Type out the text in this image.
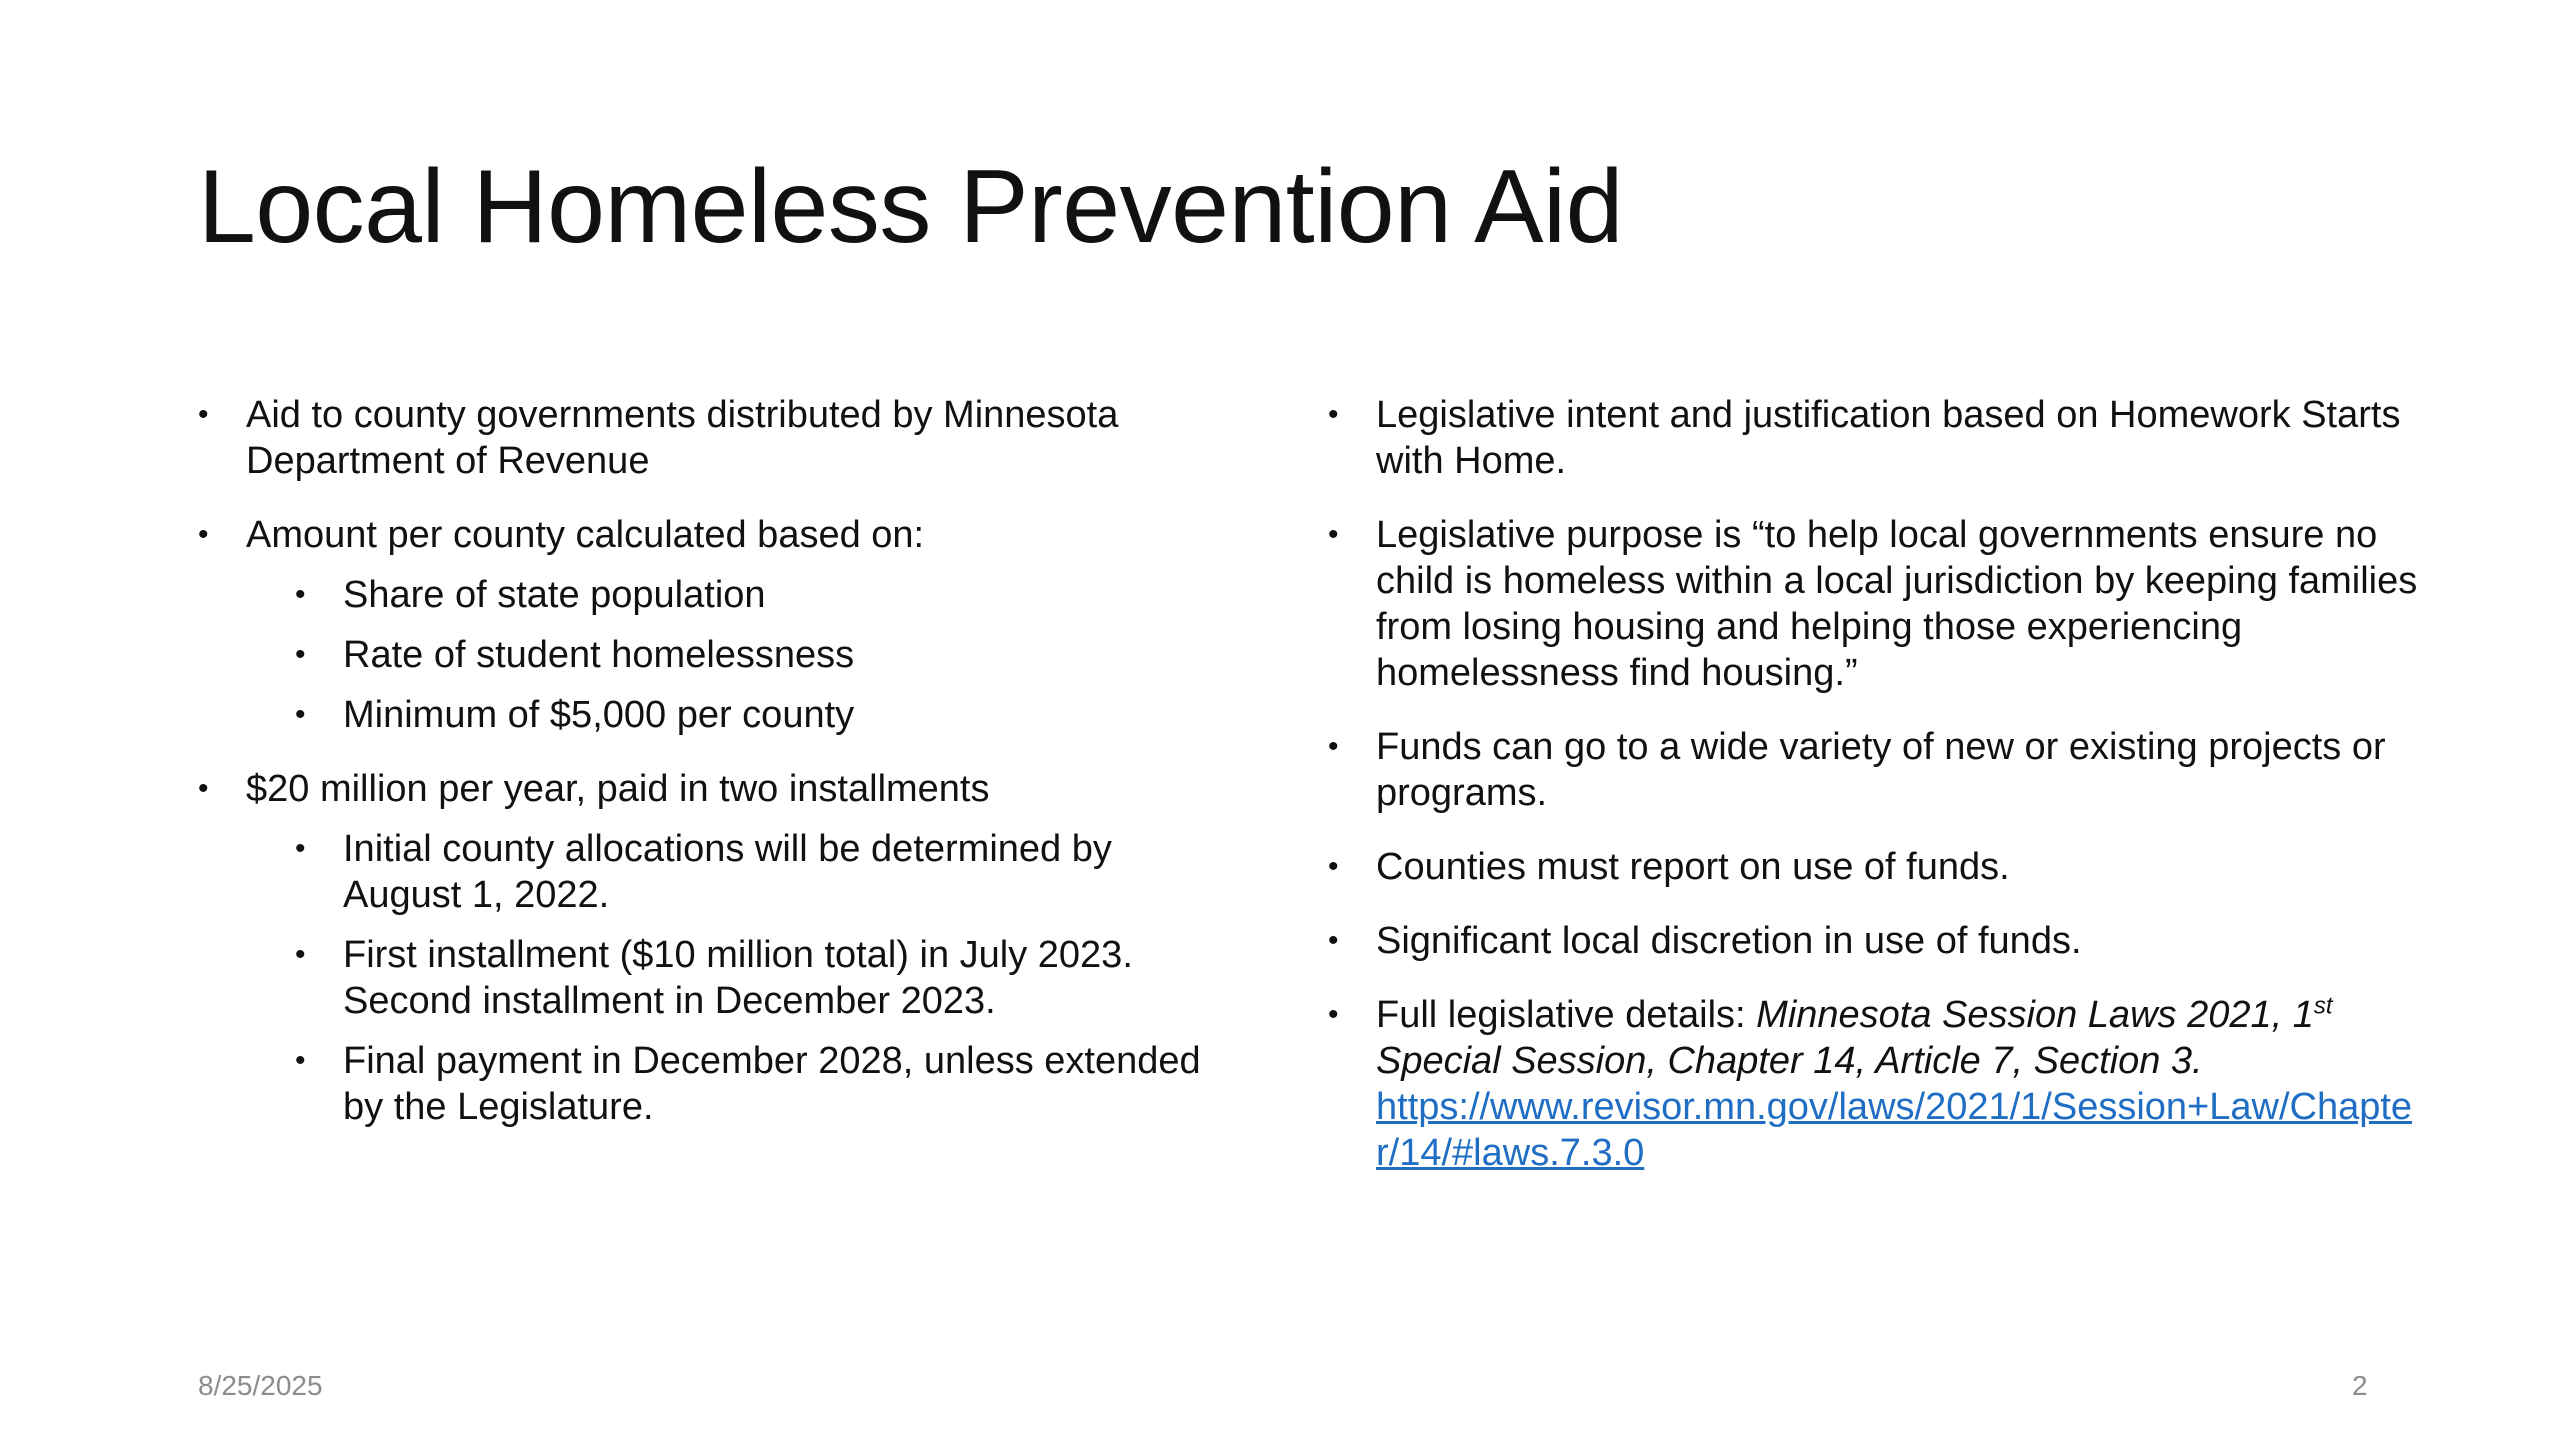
Local Homeless Prevention Aid
• Aid to county governments distributed by Minnesota Department of Revenue
• Amount per county calculated based on:
• Share of state population
• Rate of student homelessness
• Minimum of $5,000 per county
• $20 million per year, paid in two installments
• Initial county allocations will be determined by August 1, 2022.
• First installment ($10 million total) in July 2023. Second installment in December 2023.
• Final payment in December 2028, unless extended by the Legislature.
• Legislative intent and justification based on Homework Starts with Home.
• Legislative purpose is “to help local governments ensure no child is homeless within a local jurisdiction by keeping families from losing housing and helping those experiencing homelessness find housing.”
• Funds can go to a wide variety of new or existing projects or programs.
• Counties must report on use of funds.
• Significant local discretion in use of funds.
• Full legislative details: Minnesota Session Laws 2021, 1st Special Session, Chapter 14, Article 7, Section 3.
https://www.revisor.mn.gov/laws/2021/1/Session+Law/Chapter/14/#laws.7.3.0
8/25/2025	2
